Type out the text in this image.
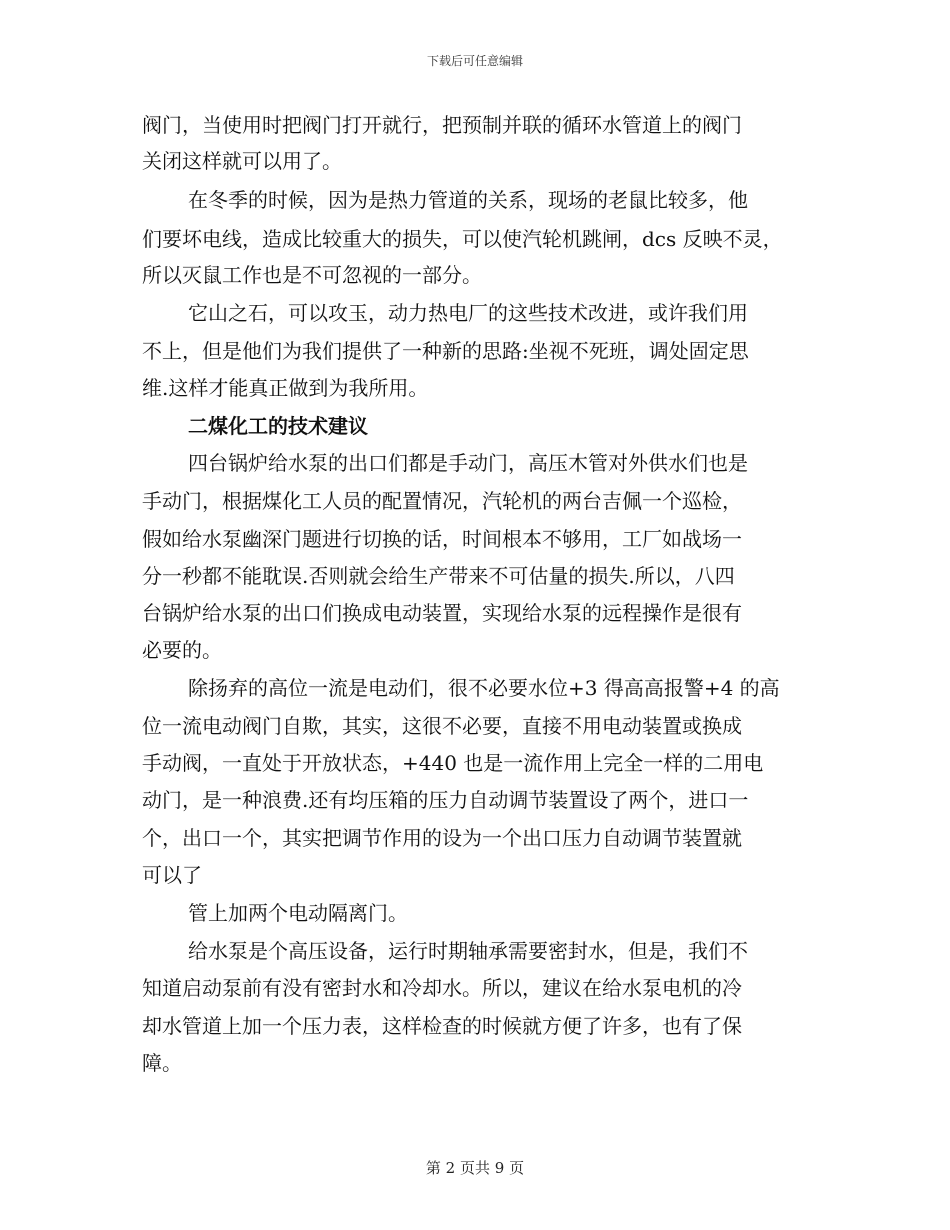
下载后可任意编辑
阀门，当使用时把阀门打开就行，把预制并联的循环水管道上的阀门
关闭这样就可以用了。
在冬季的时候，因为是热力管道的关系，现场的老鼠比较多，他
们要坏电线，造成比较重大的损失，可以使汽轮机跳闸，dcs 反映不灵，
所以灭鼠工作也是不可忽视的一部分。
它山之石，可以攻玉，动力热电厂的这些技术改进，或许我们用
不上，但是他们为我们提供了一种新的思路:坐视不死班，调处固定思
维.这样才能真正做到为我所用。
二煤化工的技术建议
四台锅炉给水泵的出口们都是手动门，高压木管对外供水们也是
手动门，根据煤化工人员的配置情况，汽轮机的两台吉佩一个巡检，
假如给水泵幽深门题进行切换的话，时间根本不够用，工厂如战场一
分一秒都不能耽误.否则就会给生产带来不可估量的损失.所以，八四
台锅炉给水泵的出口们换成电动装置，实现给水泵的远程操作是很有
必要的。
除扬弃的高位一流是电动们，很不必要水位+3 得高高报警+4 的高
位一流电动阀门自欺，其实，这很不必要，直接不用电动装置或换成
手动阀，一直处于开放状态，+440 也是一流作用上完全一样的二用电
动门，是一种浪费.还有均压箱的压力自动调节装置设了两个，进口一
个，出口一个，其实把调节作用的设为一个出口压力自动调节装置就
可以了
管上加两个电动隔离门。
给水泵是个高压设备，运行时期轴承需要密封水，但是，我们不
知道启动泵前有没有密封水和冷却水。所以，建议在给水泵电机的冷
却水管道上加一个压力表，这样检查的时候就方便了许多，也有了保
障。
第 2 页共 9 页
